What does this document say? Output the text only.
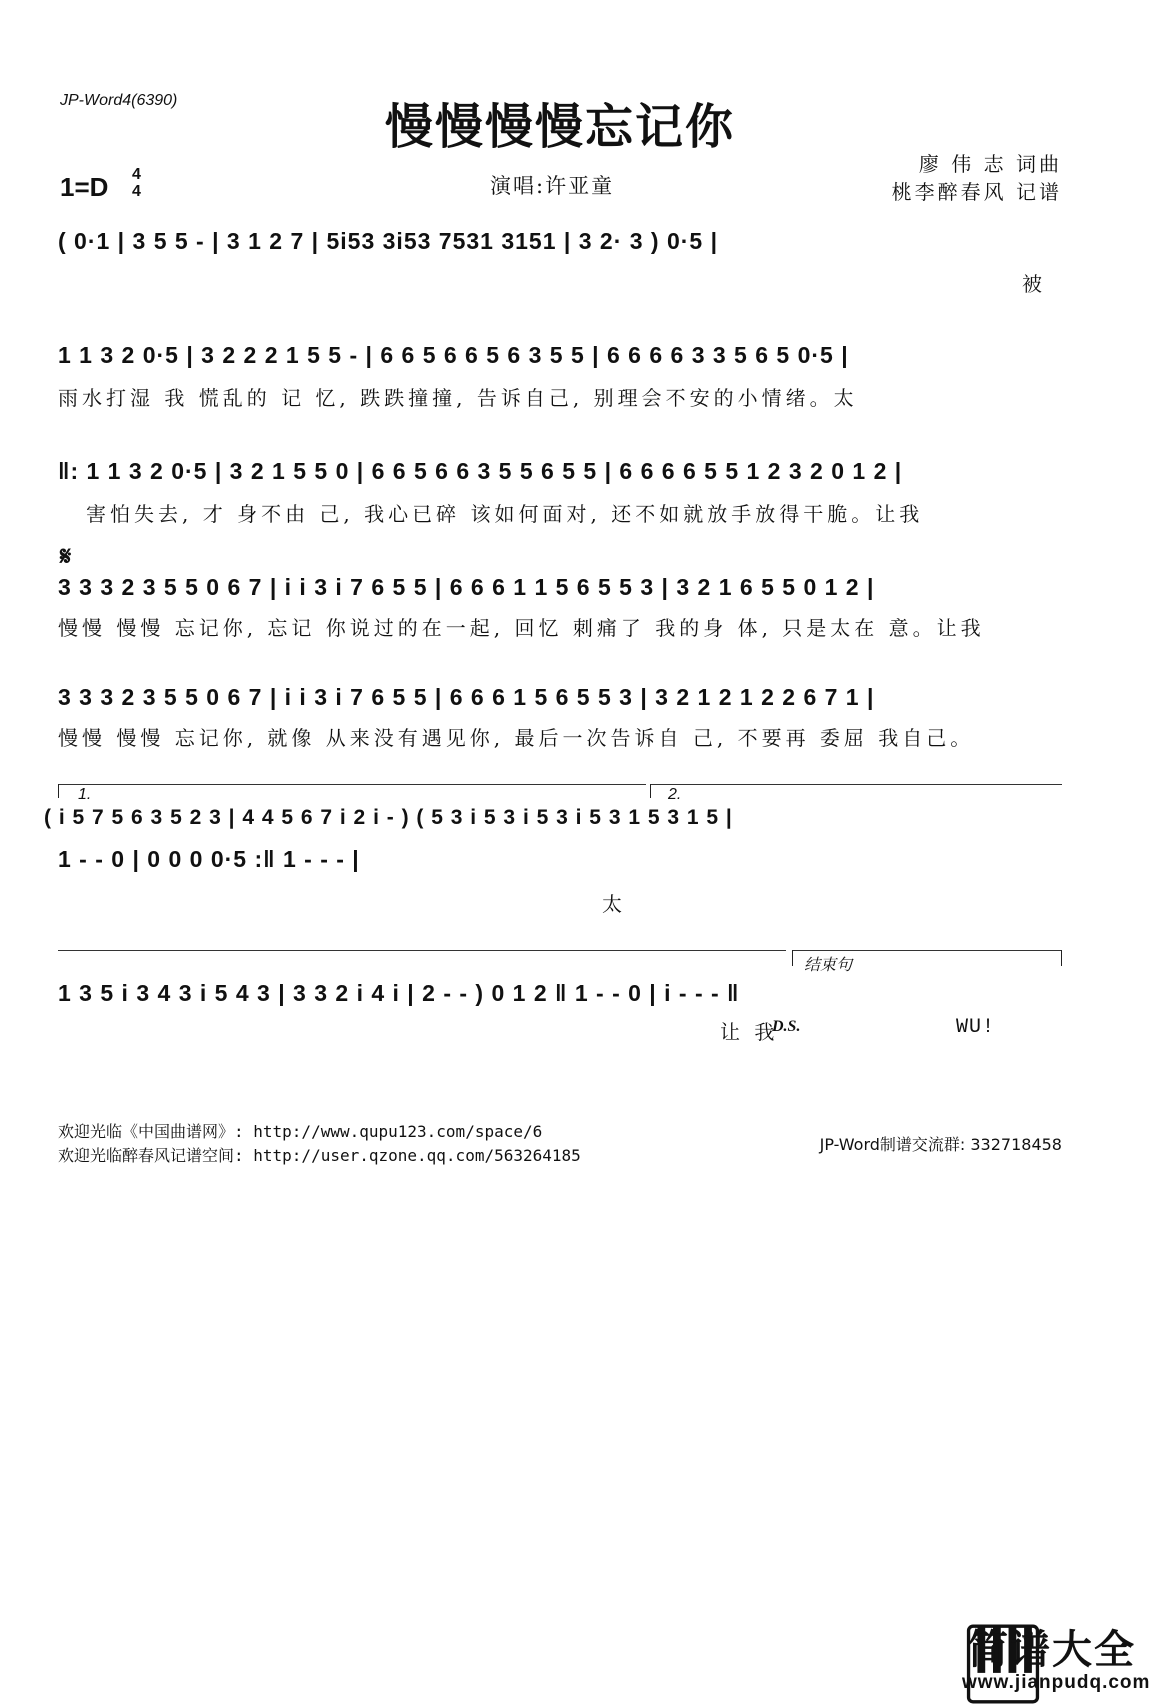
JP-Word4(6390)	慢慢慢慢忘记你
廖 伟 志 词曲
桃李醉春风 记谱
1=D 4
4	演唱:许亚童
( 0·1 | 3 5 5 - | 3 1 2 7 | 5i53 3i53 7531 3151 | 3 2· 3 ) 0·5 |
被
1 1 3 2 0·5 | 3 2 2 2 1 5 5 - | 6 6 5 6 6 5 6 3 5 5 | 6 6 6 6 3 3 5 6 5 0·5 |
雨水打湿 我 慌乱的 记 忆, 跌跌撞撞, 告诉自己, 别理会不安的小情绪。太
‖: 1 1 3 2 0·5 | 3 2 1 5 5 0 | 6 6 5 6 6 3 5 5 6 5 5 | 6 6 6 6 5 5 1 2 3 2 0 1 2 |
害怕失去, 才 身不由 己, 我心已碎 该如何面对, 还不如就放手放得干脆。让我
𝄋
3 3 3 2 3 5 5 0 6 7 | i i 3 i 7 6 5 5 | 6 6 6 1 1 5 6 5 5 3 | 3 2 1 6 5 5 0 1 2 |
慢慢 慢慢 忘记你, 忘记 你说过的在一起, 回忆 刺痛了 我的身 体, 只是太在 意。让我
3 3 3 2 3 5 5 0 6 7 | i i 3 i 7 6 5 5 | 6 6 6 1 5 6 5 5 3 | 3 2 1 2 1 2 2 6 7 1 |
慢慢 慢慢 忘记你, 就像 从来没有遇见你, 最后一次告诉自 己, 不要再 委屈 我自己。
1.	2.
( i 5 7 5 6 3 5 2 3 | 4 4 5 6 7 i 2 i - ) ( 5 3 i 5 3 i 5 3 i 5 3 1 5 3 1 5 |
1 - - 0 | 0 0 0 0·5 :‖ 1 - - - |
太
结束句
1 3 5 i 3 4 3 i 5 4 3 | 3 3 2 i 4 i | 2 - - ) 0 1 2 ‖ 1 - - 0 | i - - - ‖
让 我
D.S.	WU!
欢迎光临《中国曲谱网》: http://www.qupu123.com/space/6
欢迎光临醉春风记谱空间: http://user.qzone.qq.com/563264185
JP-Word制谱交流群: 332718458
简谱大全
www.jianpudq.com
